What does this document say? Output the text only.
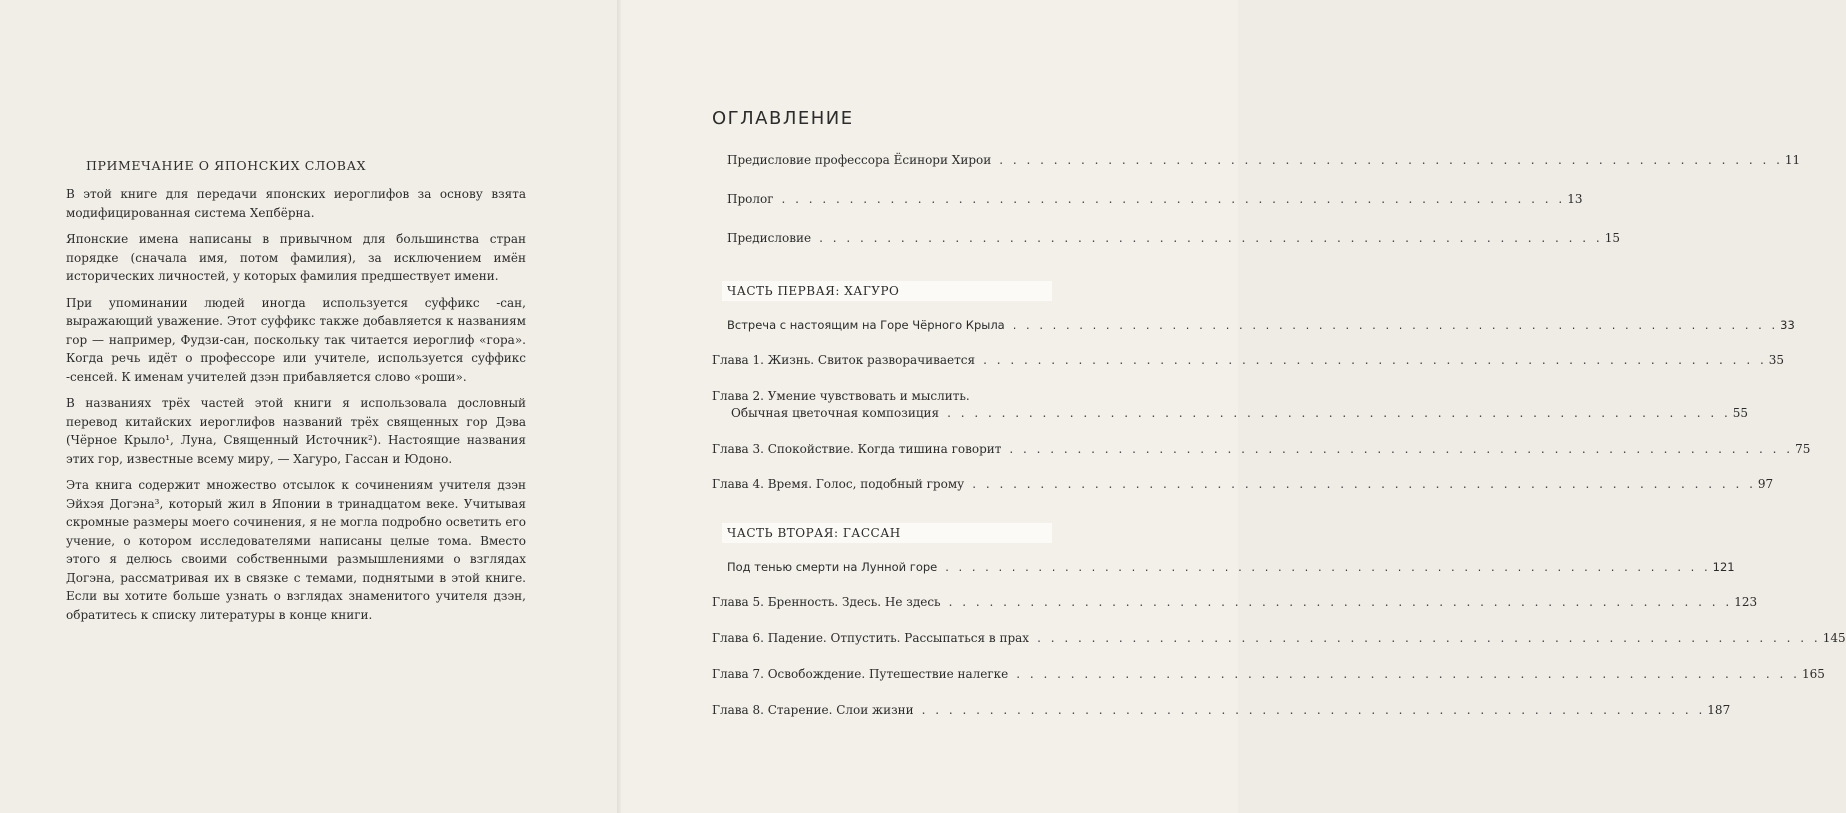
ПРИМЕЧАНИЕ О ЯПОНСКИХ СЛОВАХ

В этой книге для передачи японских иероглифов за основу взята модифицированная система Хепбёрна.

Японские имена написаны в привычном для большинства стран порядке (сначала имя, потом фамилия), за исключением имён исторических личностей, у которых фамилия предшествует имени.

При упоминании людей иногда используется суффикс -сан, выражающий уважение. Этот суффикс также добавляется к названиям гор — например, Фудзи-сан, поскольку так читается иероглиф «гора». Когда речь идёт о профессоре или учителе, используется суффикс -сенсей. К именам учителей дзэн прибавляется слово «роши».

В названиях трёх частей этой книги я использовала дословный перевод китайских иероглифов названий трёх священных гор Дэва (Чёрное Крыло¹, Луна, Священный Источник²). Настоящие названия этих гор, известные всему миру, — Хагуро, Гассан и Юдоно.

Эта книга содержит множество отсылок к сочинениям учителя дзэн Эйхэя Догэна³, который жил в Японии в тринадцатом веке. Учитывая скромные размеры моего сочинения, я не могла подробно осветить его учение, о котором исследователями написаны целые тома. Вместо этого я делюсь своими собственными размышлениями о взглядах Догэна, рассматривая их в связке с темами, поднятыми в этой книге. Если вы хотите больше узнать о взглядах знаменитого учителя дзэн, обратитесь к списку литературы в конце книги.

ОГЛАВЛЕНИЕ
Предисловие профессора Ёсинори Хирои . . . . . . . . . . . . . . . . . . . . . . . . . . . . . . . . . . . . . . . . . . . . . . . . . . . . . . . . . . 11
Пролог . . . . . . . . . . . . . . . . . . . . . . . . . . . . . . . . . . . . . . . . . . . . . . . . . . . . . . . . . . 13
Предисловие . . . . . . . . . . . . . . . . . . . . . . . . . . . . . . . . . . . . . . . . . . . . . . . . . . . . . . . . . . 15
ЧАСТЬ ПЕРВАЯ: ХАГУРО
Встреча с настоящим на Горе Чёрного Крыла . . . . . . . . . . . . . . . . . . . . . . . . . . . . . . . . . . . . . . . . . . . . . . . . . . . . . . . . . . 33
Глава 1. Жизнь. Свиток разворачивается . . . . . . . . . . . . . . . . . . . . . . . . . . . . . . . . . . . . . . . . . . . . . . . . . . . . . . . . . . 35
Глава 2. Умение чувствовать и мыслить.
Обычная цветочная композиция . . . . . . . . . . . . . . . . . . . . . . . . . . . . . . . . . . . . . . . . . . . . . . . . . . . . . . . . . . 55
Глава 3. Спокойствие. Когда тишина говорит . . . . . . . . . . . . . . . . . . . . . . . . . . . . . . . . . . . . . . . . . . . . . . . . . . . . . . . . . . 75
Глава 4. Время. Голос, подобный грому . . . . . . . . . . . . . . . . . . . . . . . . . . . . . . . . . . . . . . . . . . . . . . . . . . . . . . . . . . 97
ЧАСТЬ ВТОРАЯ: ГАССАН
Под тенью смерти на Лунной горе . . . . . . . . . . . . . . . . . . . . . . . . . . . . . . . . . . . . . . . . . . . . . . . . . . . . . . . . . . 121
Глава 5. Бренность. Здесь. Не здесь . . . . . . . . . . . . . . . . . . . . . . . . . . . . . . . . . . . . . . . . . . . . . . . . . . . . . . . . . . 123
Глава 6. Падение. Отпустить. Рассыпаться в прах . . . . . . . . . . . . . . . . . . . . . . . . . . . . . . . . . . . . . . . . . . . . . . . . . . . . . . . . . . 145
Глава 7. Освобождение. Путешествие налегке . . . . . . . . . . . . . . . . . . . . . . . . . . . . . . . . . . . . . . . . . . . . . . . . . . . . . . . . . . 165
Глава 8. Старение. Слои жизни . . . . . . . . . . . . . . . . . . . . . . . . . . . . . . . . . . . . . . . . . . . . . . . . . . . . . . . . . . 187
